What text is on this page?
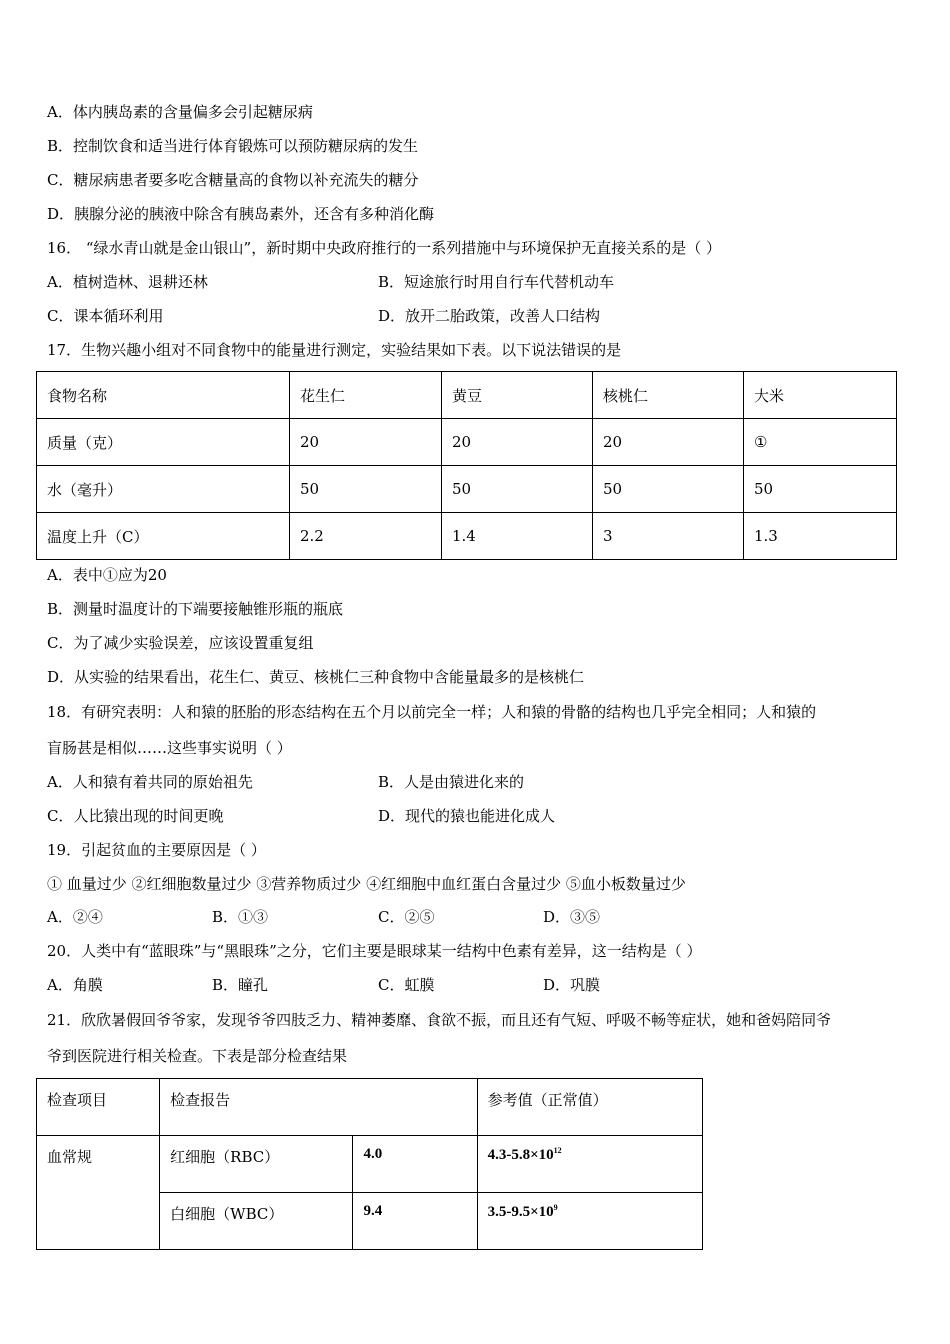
A．体内胰岛素的含量偏多会引起糖尿病
B．控制饮食和适当进行体育锻炼可以预防糖尿病的发生
C．糖尿病患者要多吃含糖量高的食物以补充流失的糖分
D．胰腺分泌的胰液中除含有胰岛素外，还含有多种消化酶
16． “绿水青山就是金山银山”，新时期中央政府推行的一系列措施中与环境保护无直接关系的是（ ）
A．植树造林、退耕还林	B．短途旅行时用自行车代替机动车
C．课本循环利用	D．放开二胎政策，改善人口结构
17．生物兴趣小组对不同食物中的能量进行测定，实验结果如下表。以下说法错误的是
食物名称	花生仁	黄豆	核桃仁	大米
质量（克）	20	20	20	①
水（毫升）	50	50	50	50
温度上升（C）	2.2	1.4	3	1.3
A．表中①应为20
B．测量时温度计的下端要接触锥形瓶的瓶底
C．为了减少实验误差，应该设置重复组
D．从实验的结果看出，花生仁、黄豆、核桃仁三种食物中含能量最多的是核桃仁
18．有研究表明：人和猿的胚胎的形态结构在五个月以前完全一样；人和猿的骨骼的结构也几乎完全相同；人和猿的
盲肠甚是相似……这些事实说明（ ）
A．人和猿有着共同的原始祖先	B．人是由猿进化来的
C．人比猿出现的时间更晚	D．现代的猿也能进化成人
19．引起贫血的主要原因是（ ）
① 血量过少 ②红细胞数量过少 ③营养物质过少 ④红细胞中血红蛋白含量过少 ⑤血小板数量过少
A．②④	B．①③	C．②⑤	D．③⑤
20．人类中有“蓝眼珠”与“黑眼珠”之分，它们主要是眼球某一结构中色素有差异，这一结构是（ ）
A．角膜	B．瞳孔	C．虹膜	D．巩膜
21．欣欣暑假回爷爷家，发现爷爷四肢乏力、精神萎靡、食欲不振，而且还有气短、呼吸不畅等症状，她和爸妈陪同爷
爷到医院进行相关检查。下表是部分检查结果
检查项目	检查报告		参考值（正常值）
血常规	红细胞（RBC）	4.0	$4.3-5.8\times 10^{12}$
	白细胞（WBC）	9.4	$3.5-9.5\times 10^9$
